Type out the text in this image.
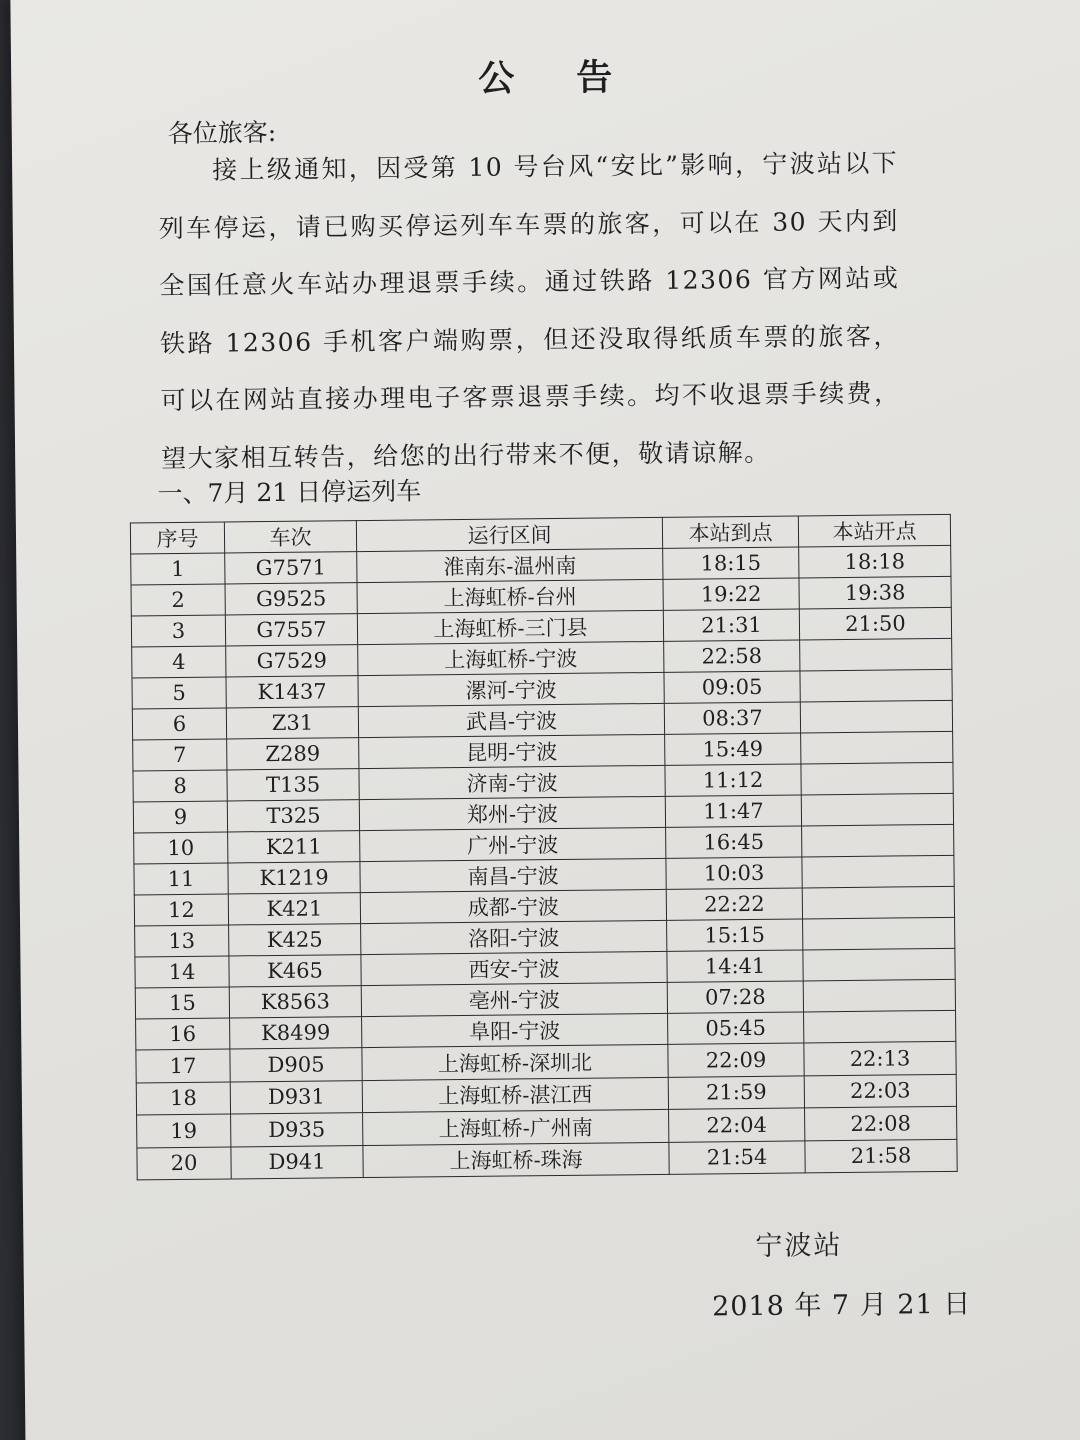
公告
各位旅客:
接上级通知，因受第 10 号台风“安比”影响，宁波站以下列车停运，请已购买停运列车车票的旅客，可以在 30 天内到全国任意火车站办理退票手续。通过铁路 12306 官方网站或铁路 12306 手机客户端购票，但还没取得纸质车票的旅客，可以在网站直接办理电子客票退票手续。均不收退票手续费，望大家相互转告，给您的出行带来不便，敬请谅解。
一、7月 21 日停运列车
序号	车次	运行区间	本站到点	本站开点
1	G7571	淮南东-温州南	18:15	18:18
2	G9525	上海虹桥-台州	19:22	19:38
3	G7557	上海虹桥-三门县	21:31	21:50
4	G7529	上海虹桥-宁波	22:58	
5	K1437	漯河-宁波	09:05	
6	Z31	武昌-宁波	08:37	
7	Z289	昆明-宁波	15:49	
8	T135	济南-宁波	11:12	
9	T325	郑州-宁波	11:47	
10	K211	广州-宁波	16:45	
11	K1219	南昌-宁波	10:03	
12	K421	成都-宁波	22:22	
13	K425	洛阳-宁波	15:15	
14	K465	西安-宁波	14:41	
15	K8563	亳州-宁波	07:28	
16	K8499	阜阳-宁波	05:45	
17	D905	上海虹桥-深圳北	22:09	22:13
18	D931	上海虹桥-湛江西	21:59	22:03
19	D935	上海虹桥-广州南	22:04	22:08
20	D941	上海虹桥-珠海	21:54	21:58
宁波站
2018 年 7 月 21 日
